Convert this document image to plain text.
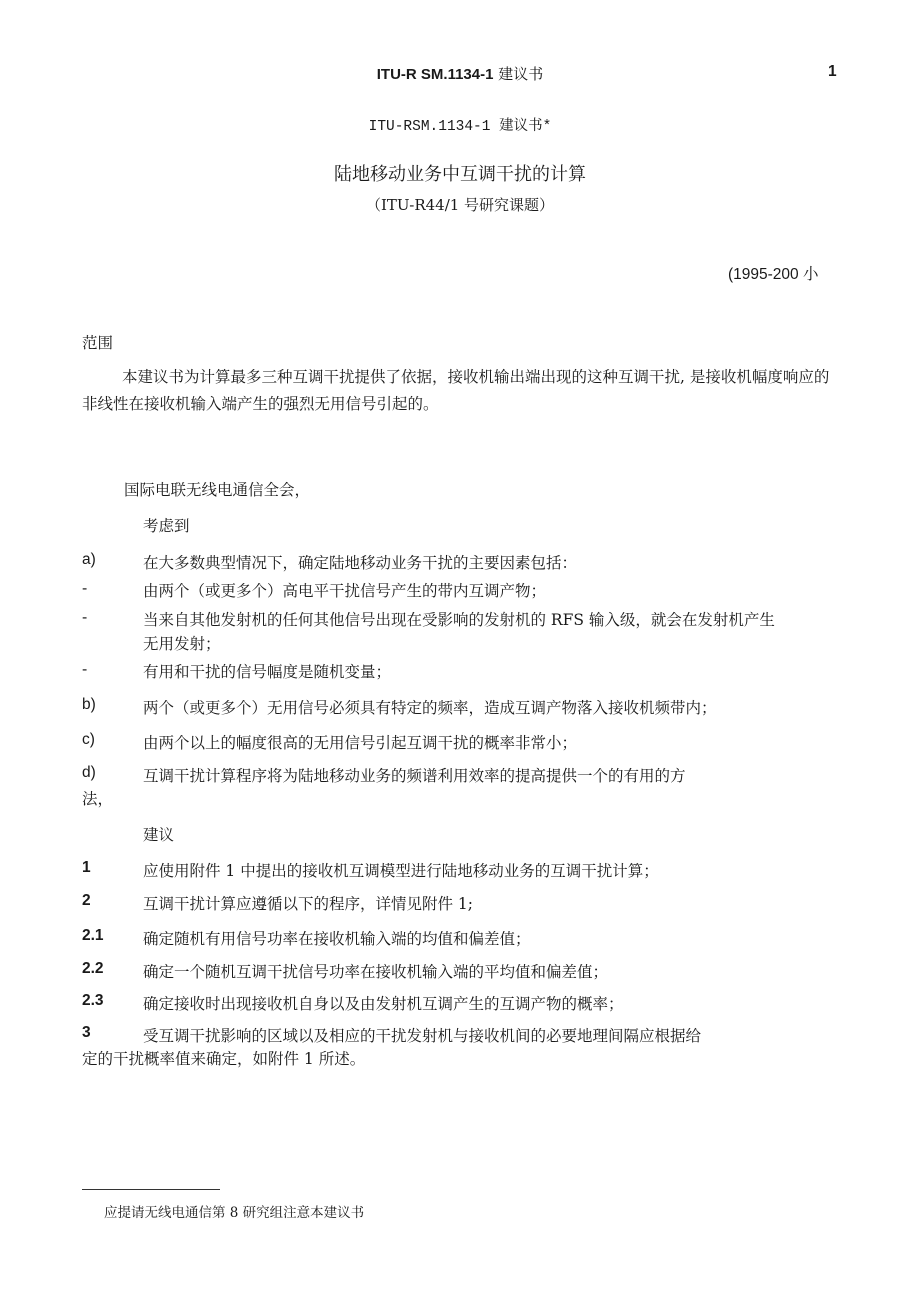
ITU-R SM.1134-1 建议书	1
ITU-RSM.1134-1 建议书*
陆地移动业务中互调干扰的计算
（ITU-R44/1 号研究课题）
(1995-200 小
范围
本建议书为计算最多三种互调干扰提供了依据，接收机输出端出现的这种互调干扰, 是接收机幅度响应的非线性在接收机输入端产生的强烈无用信号引起的。
国际电联无线电通信全会，
考虑到
a)	在大多数典型情况下，确定陆地移动业务干扰的主要因素包括：
-	由两个（或更多个）高电平干扰信号产生的带内互调产物；
-	当来自其他发射机的任何其他信号出现在受影响的发射机的 RFS 输入级，就会在发射机产生无用发射；
-	有用和干扰的信号幅度是随机变量；
b)	两个（或更多个）无用信号必须具有特定的频率，造成互调产物落入接收机频带内；
c)	由两个以上的幅度很高的无用信号引起互调干扰的概率非常小；
d)	互调干扰计算程序将为陆地移动业务的频谱利用效率的提高提供一个的有用的方
法，
建议
1	应使用附件 1 中提出的接收机互调模型进行陆地移动业务的互调干扰计算；
2	互调干扰计算应遵循以下的程序，详情见附件 1;
2.1	确定随机有用信号功率在接收机输入端的均值和偏差值；
2.2	确定一个随机互调干扰信号功率在接收机输入端的平均值和偏差值；
2.3	确定接收时出现接收机自身以及由发射机互调产生的互调产物的概率；
3	受互调干扰影响的区域以及相应的干扰发射机与接收机间的必要地理间隔应根据给
定的干扰概率值来确定，如附件 1 所述。
应提请无线电通信第 8 研究组注意本建议书
